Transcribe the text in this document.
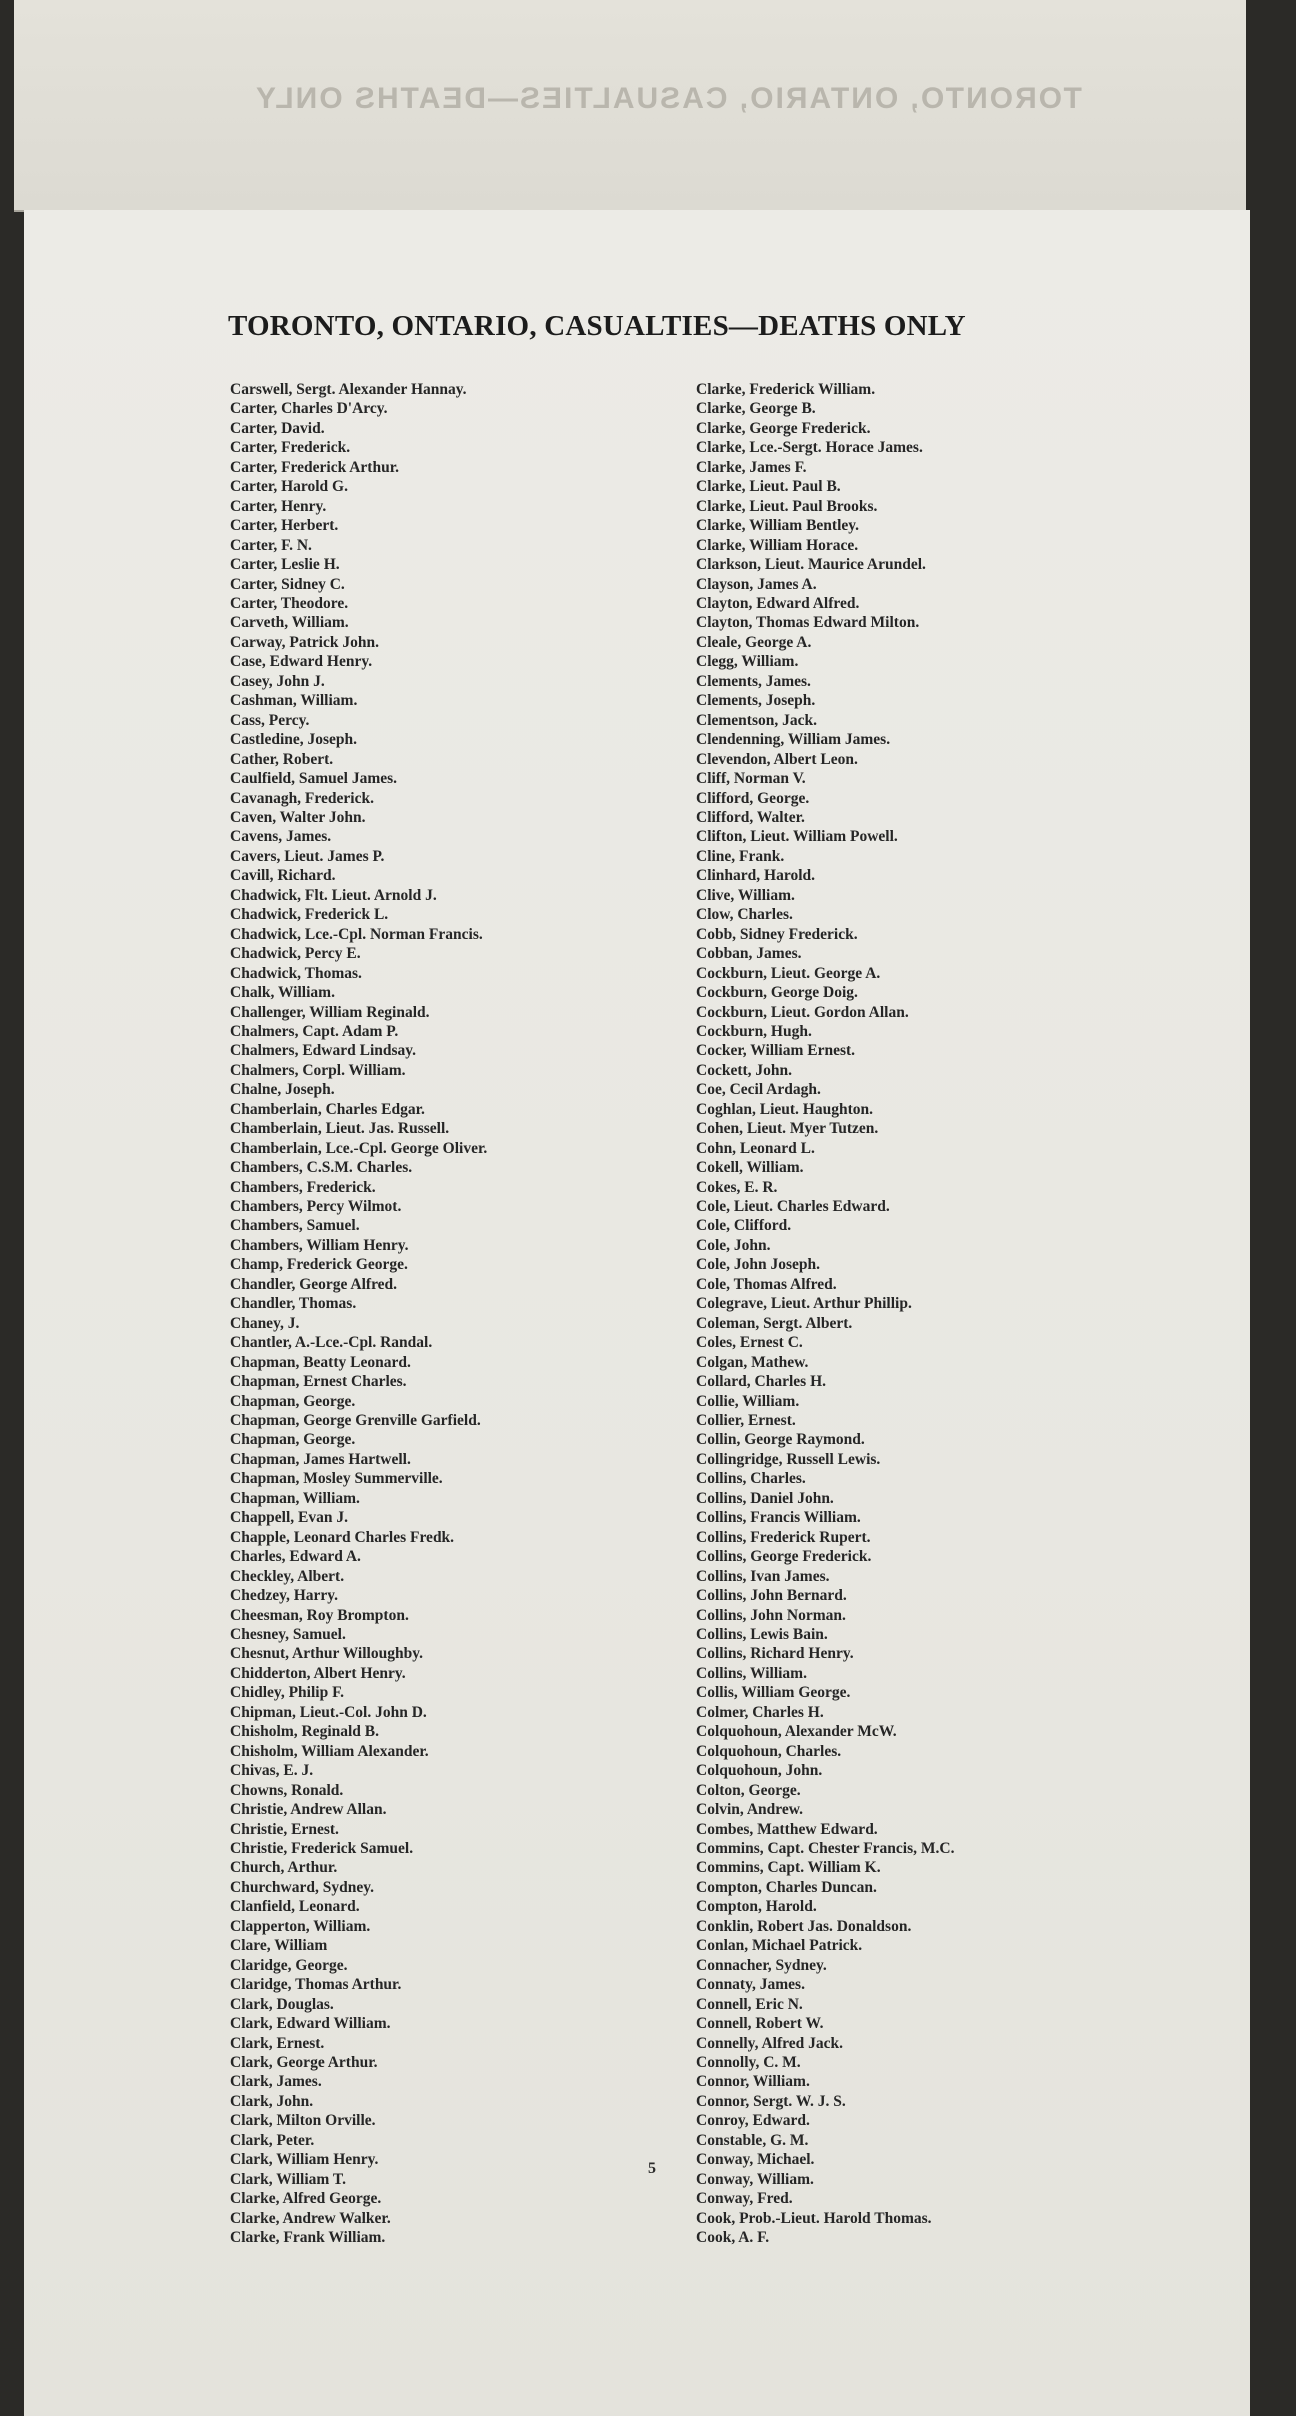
TORONTO, ONTARIO, CASUALTIES—DEATHS ONLY
TORONTO, ONTARIO, CASUALTIES—DEATHS ONLY
Carswell, Sergt. Alexander Hannay.
Carter, Charles D'Arcy.
Carter, David.
Carter, Frederick.
Carter, Frederick Arthur.
Carter, Harold G.
Carter, Henry.
Carter, Herbert.
Carter, F. N.
Carter, Leslie H.
Carter, Sidney C.
Carter, Theodore.
Carveth, William.
Carway, Patrick John.
Case, Edward Henry.
Casey, John J.
Cashman, William.
Cass, Percy.
Castledine, Joseph.
Cather, Robert.
Caulfield, Samuel James.
Cavanagh, Frederick.
Caven, Walter John.
Cavens, James.
Cavers, Lieut. James P.
Cavill, Richard.
Chadwick, Flt. Lieut. Arnold J.
Chadwick, Frederick L.
Chadwick, Lce.-Cpl. Norman Francis.
Chadwick, Percy E.
Chadwick, Thomas.
Chalk, William.
Challenger, William Reginald.
Chalmers, Capt. Adam P.
Chalmers, Edward Lindsay.
Chalmers, Corpl. William.
Chalne, Joseph.
Chamberlain, Charles Edgar.
Chamberlain, Lieut. Jas. Russell.
Chamberlain, Lce.-Cpl. George Oliver.
Chambers, C.S.M. Charles.
Chambers, Frederick.
Chambers, Percy Wilmot.
Chambers, Samuel.
Chambers, William Henry.
Champ, Frederick George.
Chandler, George Alfred.
Chandler, Thomas.
Chaney, J.
Chantler, A.-Lce.-Cpl. Randal.
Chapman, Beatty Leonard.
Chapman, Ernest Charles.
Chapman, George.
Chapman, George Grenville Garfield.
Chapman, George.
Chapman, James Hartwell.
Chapman, Mosley Summerville.
Chapman, William.
Chappell, Evan J.
Chapple, Leonard Charles Fredk.
Charles, Edward A.
Checkley, Albert.
Chedzey, Harry.
Cheesman, Roy Brompton.
Chesney, Samuel.
Chesnut, Arthur Willoughby.
Chidderton, Albert Henry.
Chidley, Philip F.
Chipman, Lieut.-Col. John D.
Chisholm, Reginald B.
Chisholm, William Alexander.
Chivas, E. J.
Chowns, Ronald.
Christie, Andrew Allan.
Christie, Ernest.
Christie, Frederick Samuel.
Church, Arthur.
Churchward, Sydney.
Clanfield, Leonard.
Clapperton, William.
Clare, William
Claridge, George.
Claridge, Thomas Arthur.
Clark, Douglas.
Clark, Edward William.
Clark, Ernest.
Clark, George Arthur.
Clark, James.
Clark, John.
Clark, Milton Orville.
Clark, Peter.
Clark, William Henry.
Clark, William T.
Clarke, Alfred George.
Clarke, Andrew Walker.
Clarke, Frank William.
Clarke, Frederick William.
Clarke, George B.
Clarke, George Frederick.
Clarke, Lce.-Sergt. Horace James.
Clarke, James F.
Clarke, Lieut. Paul B.
Clarke, Lieut. Paul Brooks.
Clarke, William Bentley.
Clarke, William Horace.
Clarkson, Lieut. Maurice Arundel.
Clayson, James A.
Clayton, Edward Alfred.
Clayton, Thomas Edward Milton.
Cleale, George A.
Clegg, William.
Clements, James.
Clements, Joseph.
Clementson, Jack.
Clendenning, William James.
Clevendon, Albert Leon.
Cliff, Norman V.
Clifford, George.
Clifford, Walter.
Clifton, Lieut. William Powell.
Cline, Frank.
Clinhard, Harold.
Clive, William.
Clow, Charles.
Cobb, Sidney Frederick.
Cobban, James.
Cockburn, Lieut. George A.
Cockburn, George Doig.
Cockburn, Lieut. Gordon Allan.
Cockburn, Hugh.
Cocker, William Ernest.
Cockett, John.
Coe, Cecil Ardagh.
Coghlan, Lieut. Haughton.
Cohen, Lieut. Myer Tutzen.
Cohn, Leonard L.
Cokell, William.
Cokes, E. R.
Cole, Lieut. Charles Edward.
Cole, Clifford.
Cole, John.
Cole, John Joseph.
Cole, Thomas Alfred.
Colegrave, Lieut. Arthur Phillip.
Coleman, Sergt. Albert.
Coles, Ernest C.
Colgan, Mathew.
Collard, Charles H.
Collie, William.
Collier, Ernest.
Collin, George Raymond.
Collingridge, Russell Lewis.
Collins, Charles.
Collins, Daniel John.
Collins, Francis William.
Collins, Frederick Rupert.
Collins, George Frederick.
Collins, Ivan James.
Collins, John Bernard.
Collins, John Norman.
Collins, Lewis Bain.
Collins, Richard Henry.
Collins, William.
Collis, William George.
Colmer, Charles H.
Colquohoun, Alexander McW.
Colquohoun, Charles.
Colquohoun, John.
Colton, George.
Colvin, Andrew.
Combes, Matthew Edward.
Commins, Capt. Chester Francis, M.C.
Commins, Capt. William K.
Compton, Charles Duncan.
Compton, Harold.
Conklin, Robert Jas. Donaldson.
Conlan, Michael Patrick.
Connacher, Sydney.
Connaty, James.
Connell, Eric N.
Connell, Robert W.
Connelly, Alfred Jack.
Connolly, C. M.
Connor, William.
Connor, Sergt. W. J. S.
Conroy, Edward.
Constable, G. M.
Conway, Michael.
Conway, William.
Conway, Fred.
Cook, Prob.-Lieut. Harold Thomas.
Cook, A. F.
5
